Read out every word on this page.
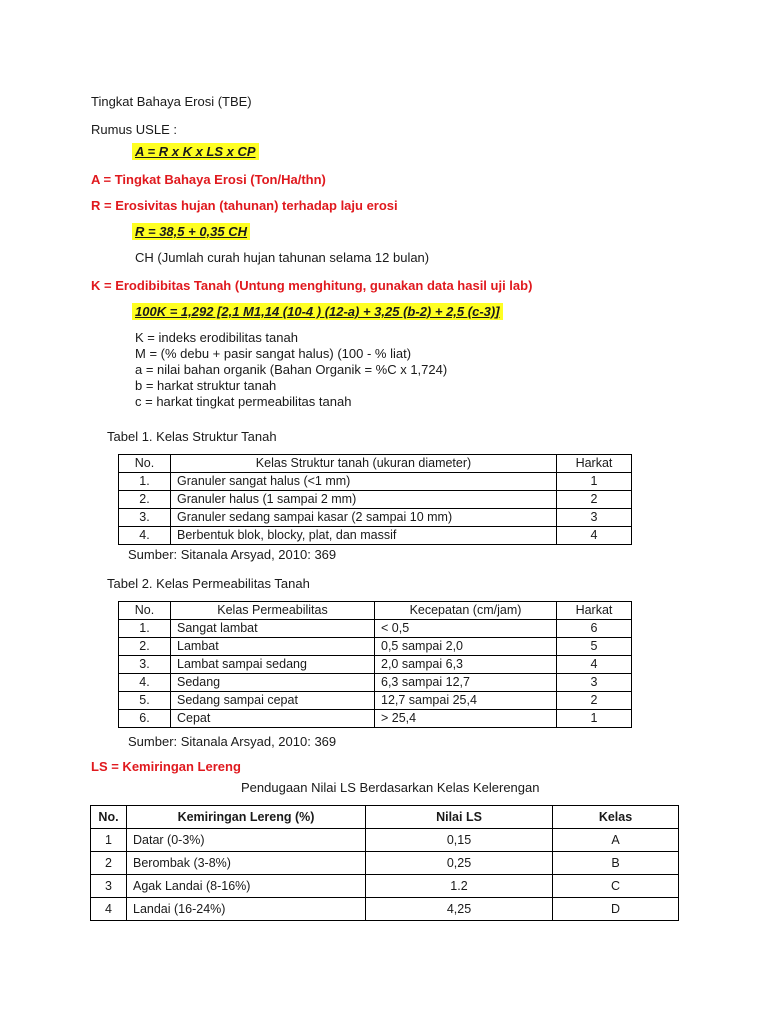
Tingkat Bahaya Erosi (TBE)
Rumus USLE :
A = R x K x LS x CP
A = Tingkat Bahaya Erosi (Ton/Ha/thn)
R = Erosivitas hujan (tahunan) terhadap laju erosi
R = 38,5 + 0,35 CH
CH (Jumlah curah hujan tahunan selama 12 bulan)
K = Erodibibitas Tanah (Untung menghitung, gunakan data hasil uji lab)
100K = 1,292 [2,1 M1,14 (10-4 ) (12-a) + 3,25 (b-2) + 2,5 (c-3)]
K = indeks erodibilitas tanah
M = (% debu + pasir sangat halus) (100 - % liat)
a = nilai bahan organik (Bahan Organik = %C x 1,724)
b = harkat struktur tanah
c = harkat tingkat permeabilitas tanah
Tabel 1. Kelas Struktur Tanah
No.	Kelas Struktur tanah (ukuran diameter)	Harkat
1.	Granuler sangat halus (<1 mm)	1
2.	Granuler halus (1 sampai 2 mm)	2
3.	Granuler sedang sampai kasar (2 sampai 10 mm)	3
4.	Berbentuk blok, blocky, plat, dan massif	4
Sumber: Sitanala Arsyad, 2010: 369
Tabel 2. Kelas Permeabilitas Tanah
No.	Kelas Permeabilitas	Kecepatan (cm/jam)	Harkat
1.	Sangat lambat	< 0,5	6
2.	Lambat	0,5 sampai 2,0	5
3.	Lambat sampai sedang	2,0 sampai 6,3	4
4.	Sedang	6,3 sampai 12,7	3
5.	Sedang sampai cepat	12,7 sampai 25,4	2
6.	Cepat	> 25,4	1
Sumber: Sitanala Arsyad, 2010: 369
LS = Kemiringan Lereng
Pendugaan Nilai LS Berdasarkan Kelas Kelerengan
No.	Kemiringan Lereng (%)	Nilai LS	Kelas
1	Datar (0-3%)	0,15	A
2	Berombak (3-8%)	0,25	B
3	Agak Landai (8-16%)	1.2	C
4	Landai (16-24%)	4,25	D
